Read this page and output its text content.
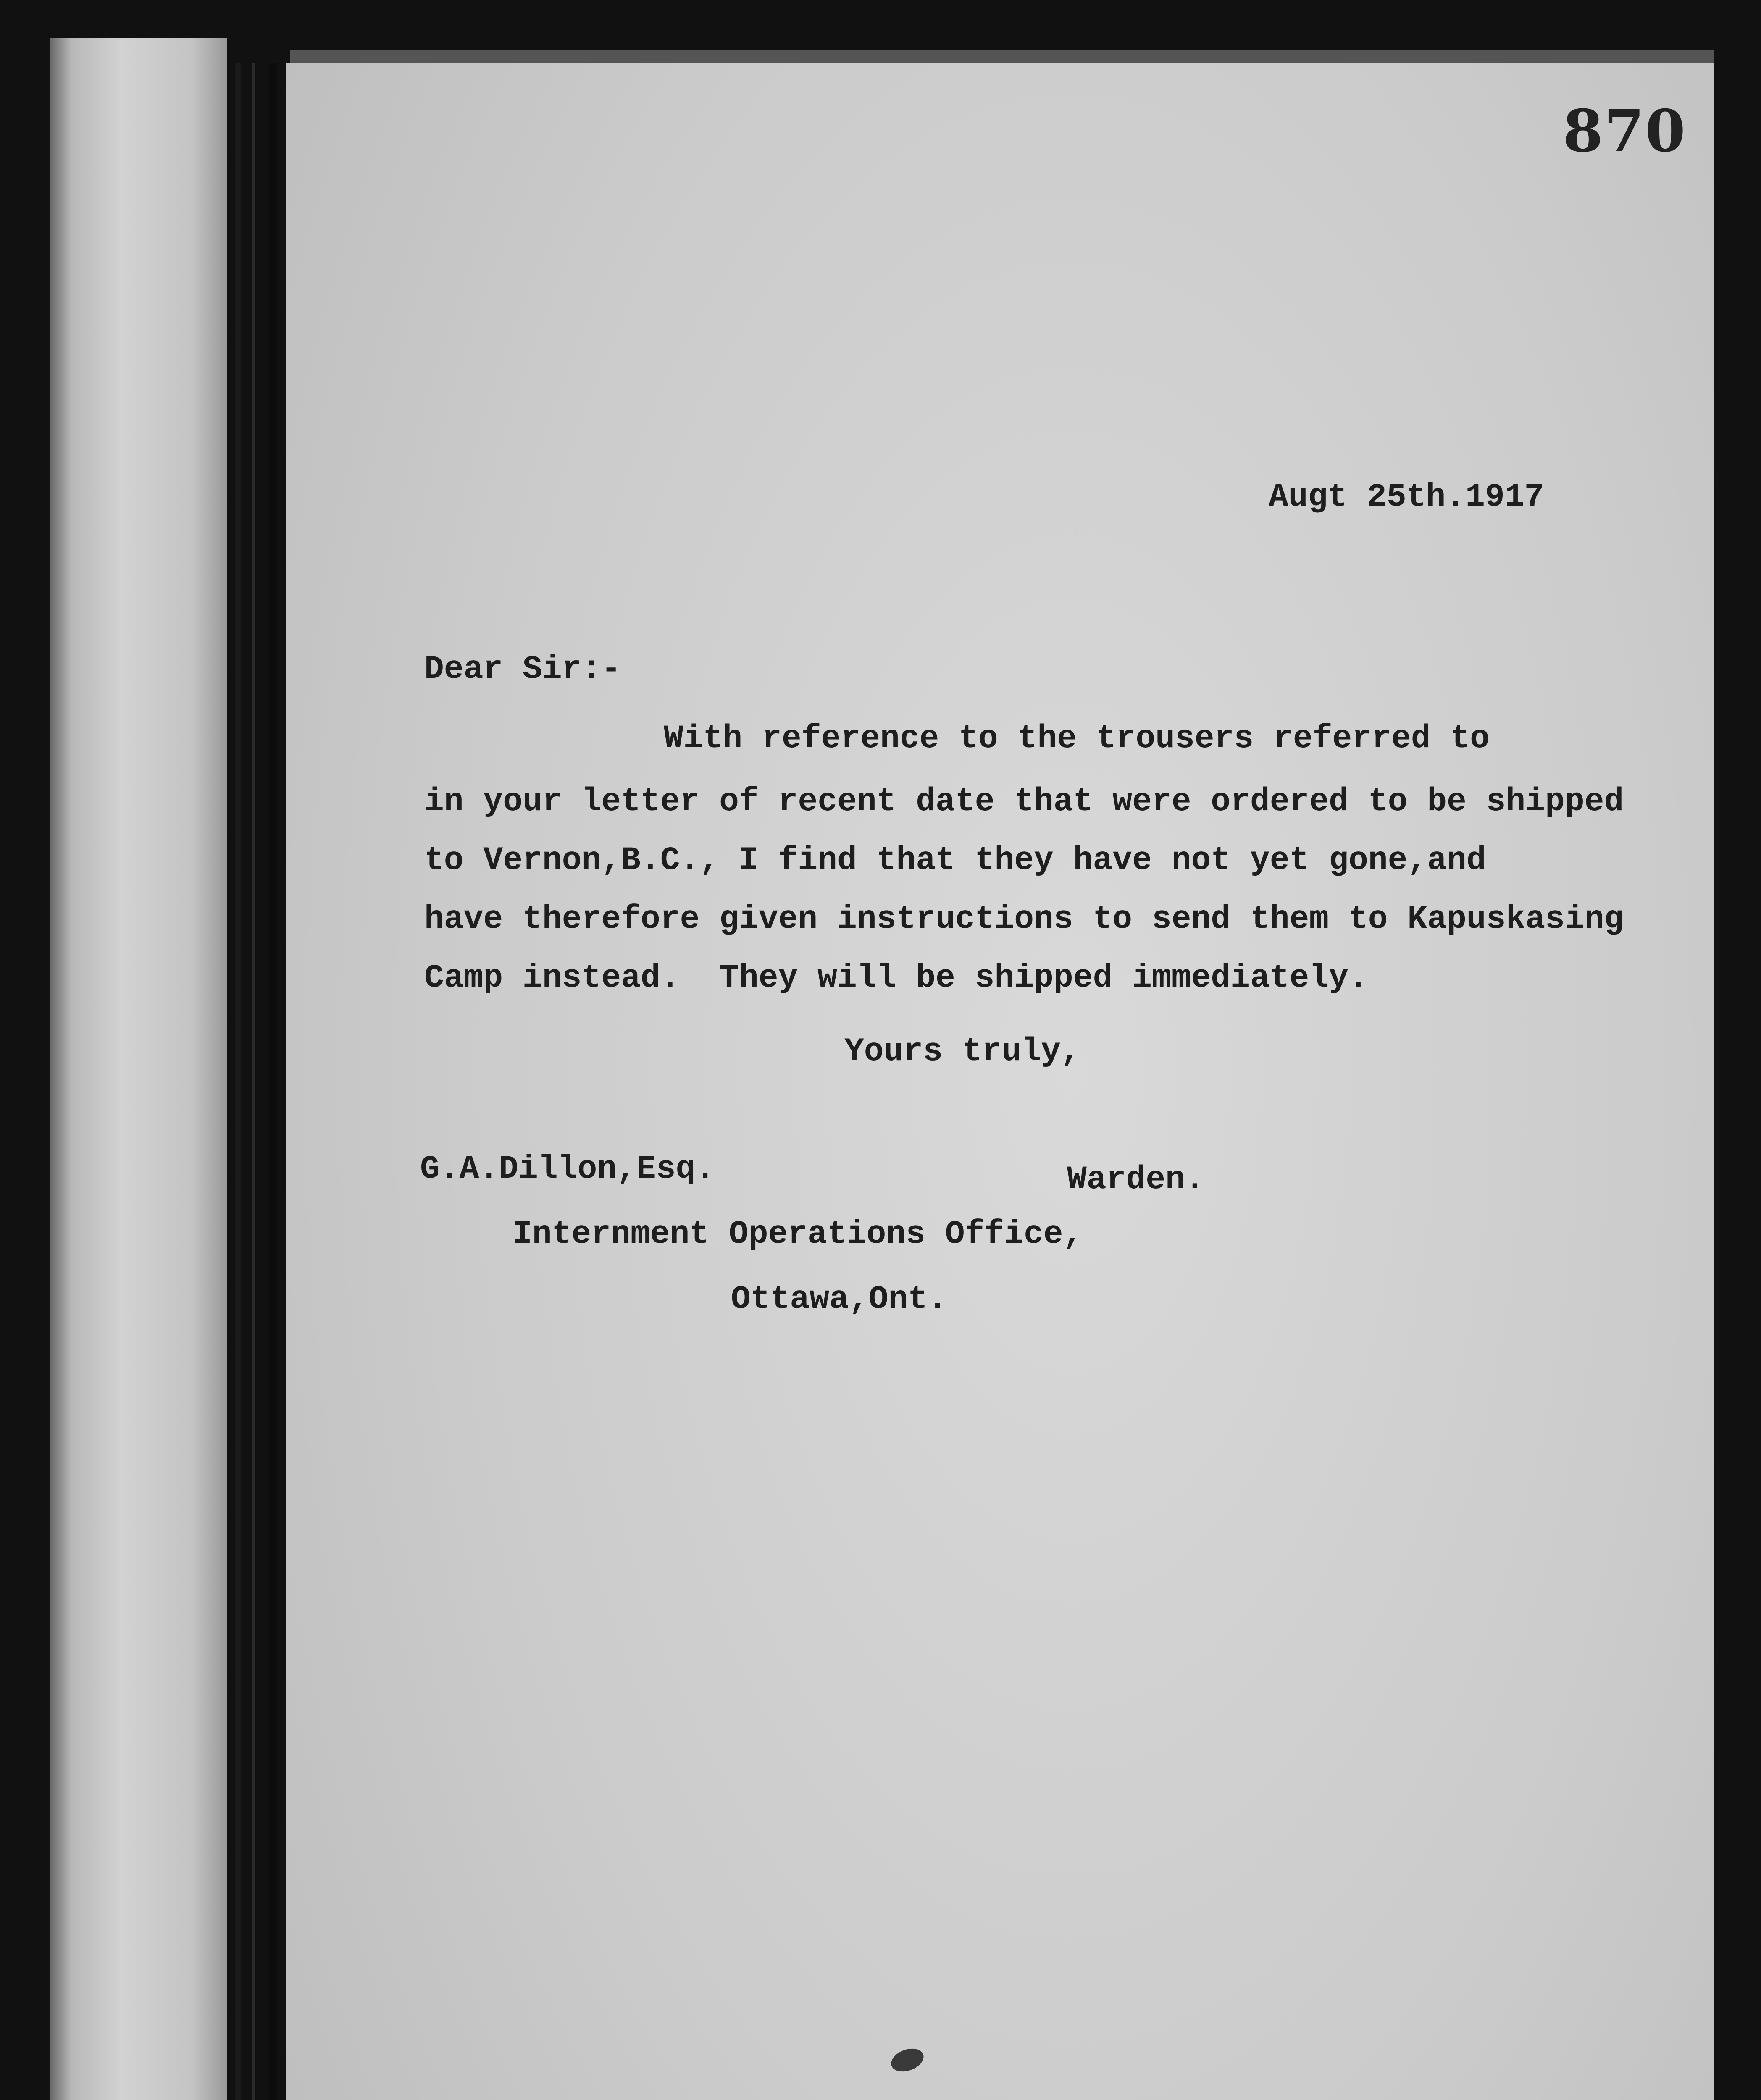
870
Augt 25th.1917
Dear Sir:-
With reference to the trousers referred to
in your letter of recent date that were ordered to be shipped
to Vernon,B.C., I find that they have not yet gone,and
have therefore given instructions to send them to Kapuskasing
Camp instead.  They will be shipped immediately.
Yours truly,
G.A.Dillon,Esq.	Warden.
Internment Operations Office,
Ottawa,Ont.
